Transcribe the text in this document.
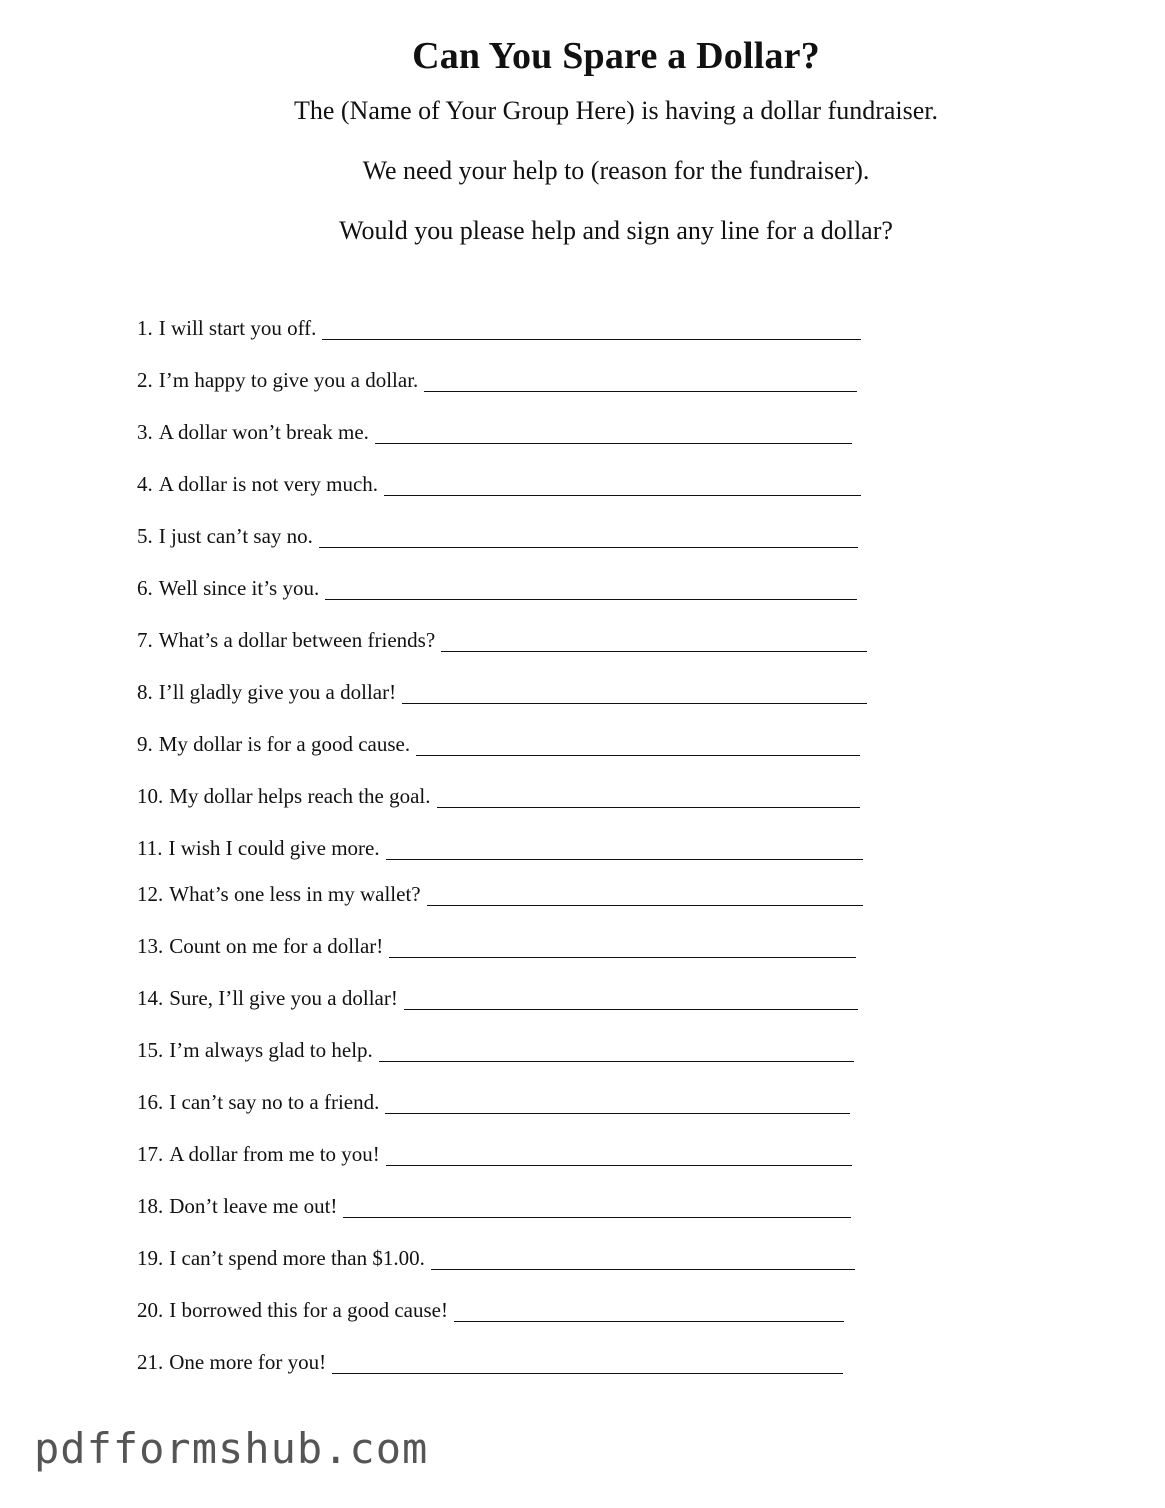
Can You Spare a Dollar?
The (Name of Your Group Here) is having a dollar fundraiser.
We need your help to (reason for the fundraiser).
Would you please help and sign any line for a dollar?
1. I will start you off.
2. I’m happy to give you a dollar.
3. A dollar won’t break me.
4. A dollar is not very much.
5. I just can’t say no.
6. Well since it’s you.
7. What’s a dollar between friends?
8. I’ll gladly give you a dollar!
9. My dollar is for a good cause.
10. My dollar helps reach the goal.
11. I wish I could give more.
12. What’s one less in my wallet?
13. Count on me for a dollar!
14. Sure, I’ll give you a dollar!
15. I’m always glad to help.
16. I can’t say no to a friend.
17. A dollar from me to you!
18. Don’t leave me out!
19. I can’t spend more than $1.00.
20. I borrowed this for a good cause!
21. One more for you!
pdfformshub.com
